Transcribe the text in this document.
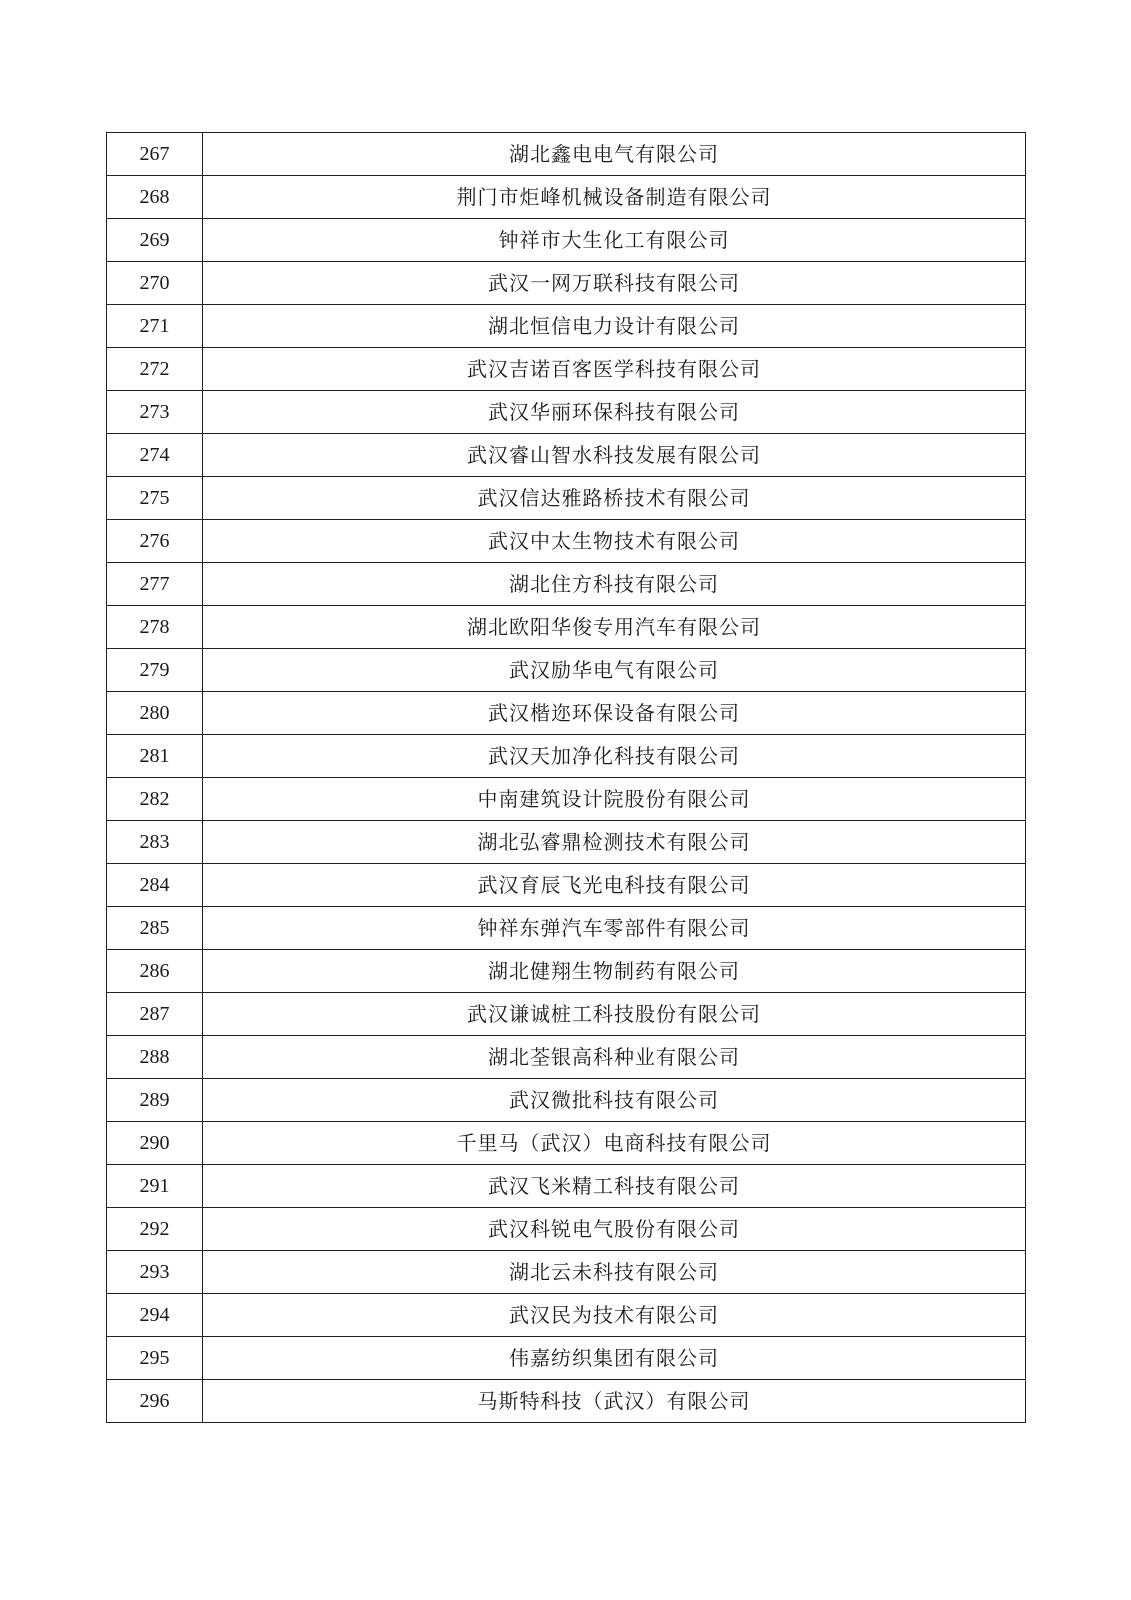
267	湖北鑫电电气有限公司
268	荆门市炬峰机械设备制造有限公司
269	钟祥市大生化工有限公司
270	武汉一网万联科技有限公司
271	湖北恒信电力设计有限公司
272	武汉吉诺百客医学科技有限公司
273	武汉华丽环保科技有限公司
274	武汉睿山智水科技发展有限公司
275	武汉信达雅路桥技术有限公司
276	武汉中太生物技术有限公司
277	湖北住方科技有限公司
278	湖北欧阳华俊专用汽车有限公司
279	武汉励华电气有限公司
280	武汉楷迩环保设备有限公司
281	武汉天加净化科技有限公司
282	中南建筑设计院股份有限公司
283	湖北弘睿鼎检测技术有限公司
284	武汉育辰飞光电科技有限公司
285	钟祥东弹汽车零部件有限公司
286	湖北健翔生物制药有限公司
287	武汉谦诚桩工科技股份有限公司
288	湖北荃银高科种业有限公司
289	武汉微批科技有限公司
290	千里马（武汉）电商科技有限公司
291	武汉飞米精工科技有限公司
292	武汉科锐电气股份有限公司
293	湖北云未科技有限公司
294	武汉民为技术有限公司
295	伟嘉纺织集团有限公司
296	马斯特科技（武汉）有限公司
